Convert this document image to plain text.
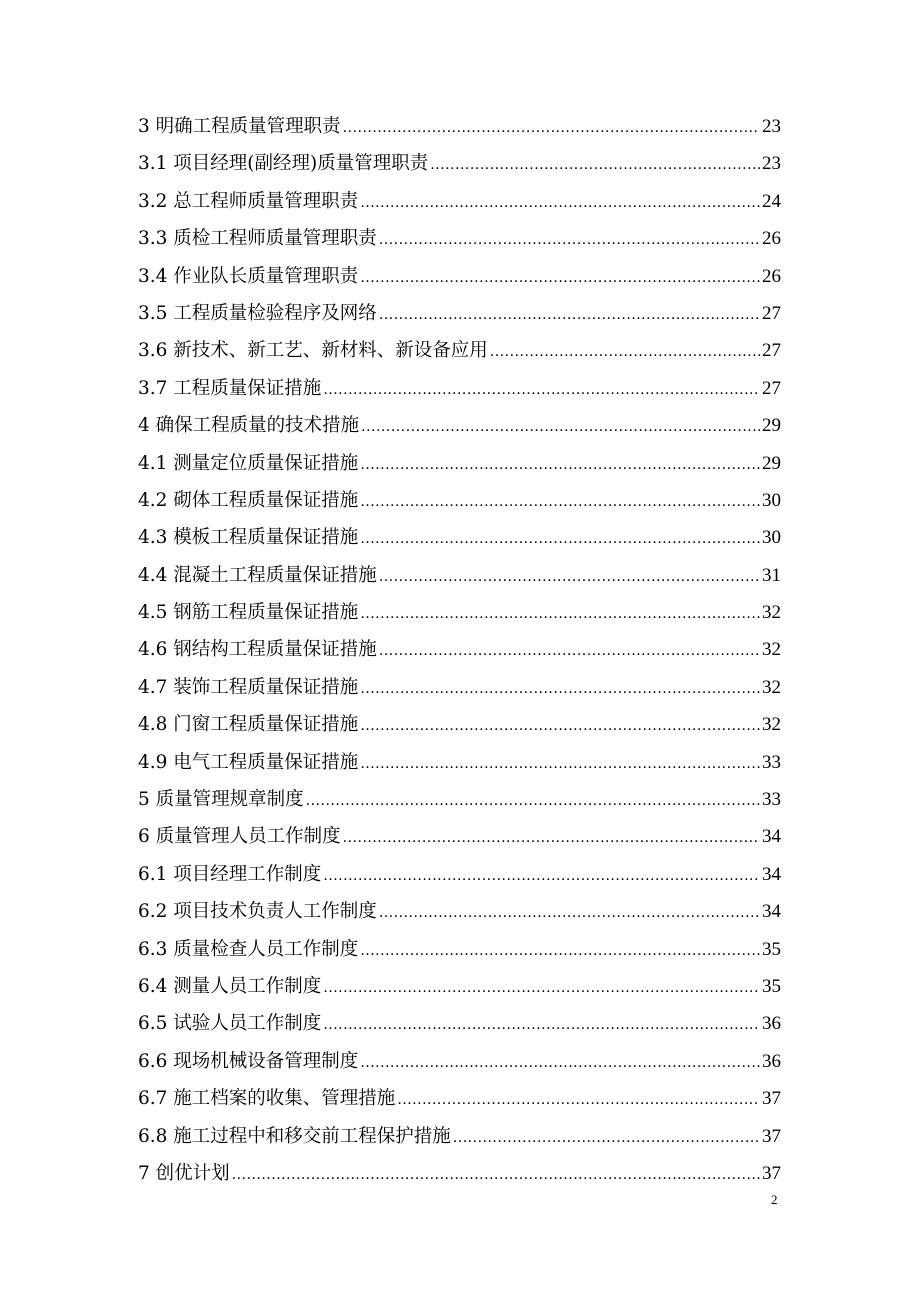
3 明确工程质量管理职责 .....	23
3.1 项目经理(副经理)质量管理职责 .....	23
3.2 总工程师质量管理职责 .....	24
3.3 质检工程师质量管理职责 .....	26
3.4 作业队长质量管理职责 .....	26
3.5 工程质量检验程序及网络 .....	27
3.6 新技术、新工艺、新材料、新设备应用 .....	27
3.7 工程质量保证措施 .....	27
4 确保工程质量的技术措施 .....	29
4.1 测量定位质量保证措施 .....	29
4.2 砌体工程质量保证措施 .....	30
4.3 模板工程质量保证措施 .....	30
4.4 混凝土工程质量保证措施 .....	31
4.5 钢筋工程质量保证措施 .....	32
4.6 钢结构工程质量保证措施 .....	32
4.7 装饰工程质量保证措施 .....	32
4.8 门窗工程质量保证措施 .....	32
4.9 电气工程质量保证措施 .....	33
5 质量管理规章制度 .....	33
6 质量管理人员工作制度 .....	34
6.1 项目经理工作制度 .....	34
6.2 项目技术负责人工作制度 .....	34
6.3 质量检查人员工作制度 .....	35
6.4 测量人员工作制度 .....	35
6.5 试验人员工作制度 .....	36
6.6 现场机械设备管理制度 .....	36
6.7 施工档案的收集、管理措施 .....	37
6.8 施工过程中和移交前工程保护措施 .....	37
7 创优计划 .....	37
2
